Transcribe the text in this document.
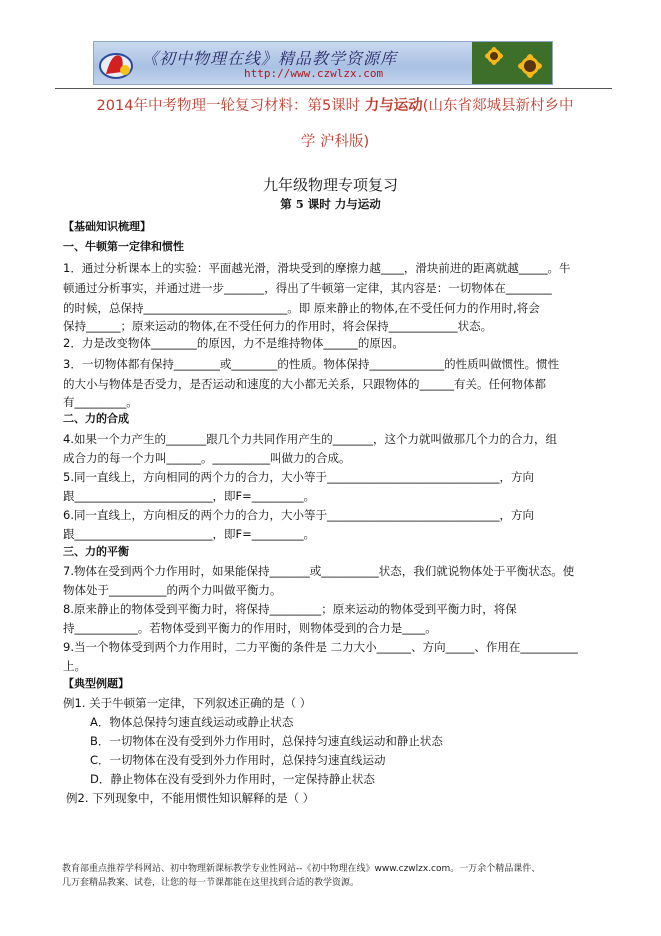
《初中物理在线》精品教学资源库
http://www.czwlzx.com
2014年中考物理一轮复习材料：第5课时 力与运动(山东省郯城县新村乡中
学 沪科版)
九年级物理专项复习
第 5 课时 力与运动
【基础知识梳理】
一、牛顿第一定律和惯性
1．通过分析课本上的实验：平面越光滑，滑块受到的摩擦力越____，滑块前进的距离就越_____。牛
顿通过分析事实，并通过进一步_______，得出了牛顿第一定律，其内容是：一切物体在________
的时候，总保持_________________________。即 原来静止的物体,在不受任何力的作用时,将会
保持______；原来运动的物体,在不受任何力的作用时，将会保持____________状态。
2．力是改变物体________的原因，力不是维持物体______的原因。
3．一切物体都有保持________或________的性质。物体保持_____________的性质叫做惯性。惯性
的大小与物体是否受力，是否运动和速度的大小都无关系，只跟物体的______有关。任何物体都
有_________。
二、力的合成
4.如果一个力产生的_______跟几个力共同作用产生的_______，这个力就叫做那几个力的合力，组
成合力的每一个力叫______。__________叫做力的合成。
5.同一直线上，方向相同的两个力的合力，大小等于______________________________，方向
跟________________________，即F=_________。
6.同一直线上，方向相反的两个力的合力，大小等于______________________________，方向
跟________________________，即F=_________。
三、力的平衡
7.物体在受到两个力作用时，如果能保持_______或__________状态，我们就说物体处于平衡状态。使
物体处于__________的两个力叫做平衡力。
8.原来静止的物体受到平衡力时，将保持_________；原来运动的物体受到平衡力时，将保
持___________。若物体受到平衡力的作用时，则物体受到的合力是____。
9.当一个物体受到两个力作用时，二力平衡的条件是 二力大小______、方向_____、作用在__________
上。
【典型例题】
例1. 关于牛顿第一定律，下列叙述正确的是（ ）
A．物体总保持匀速直线运动或静止状态
B．一切物体在没有受到外力作用时，总保持匀速直线运动和静止状态
C．一切物体在没有受到外力作用时，总保持匀速直线运动
D．静止物体在没有受到外力作用时，一定保持静止状态
例2. 下列现象中，不能用惯性知识解释的是（ ）
教育部重点推荐学科网站、初中物理新课标教学专业性网站--《初中物理在线》www.czwlzx.com。一万余个精品课件、
几万套精品教案、试卷，让您的每一节课都能在这里找到合适的教学资源。
